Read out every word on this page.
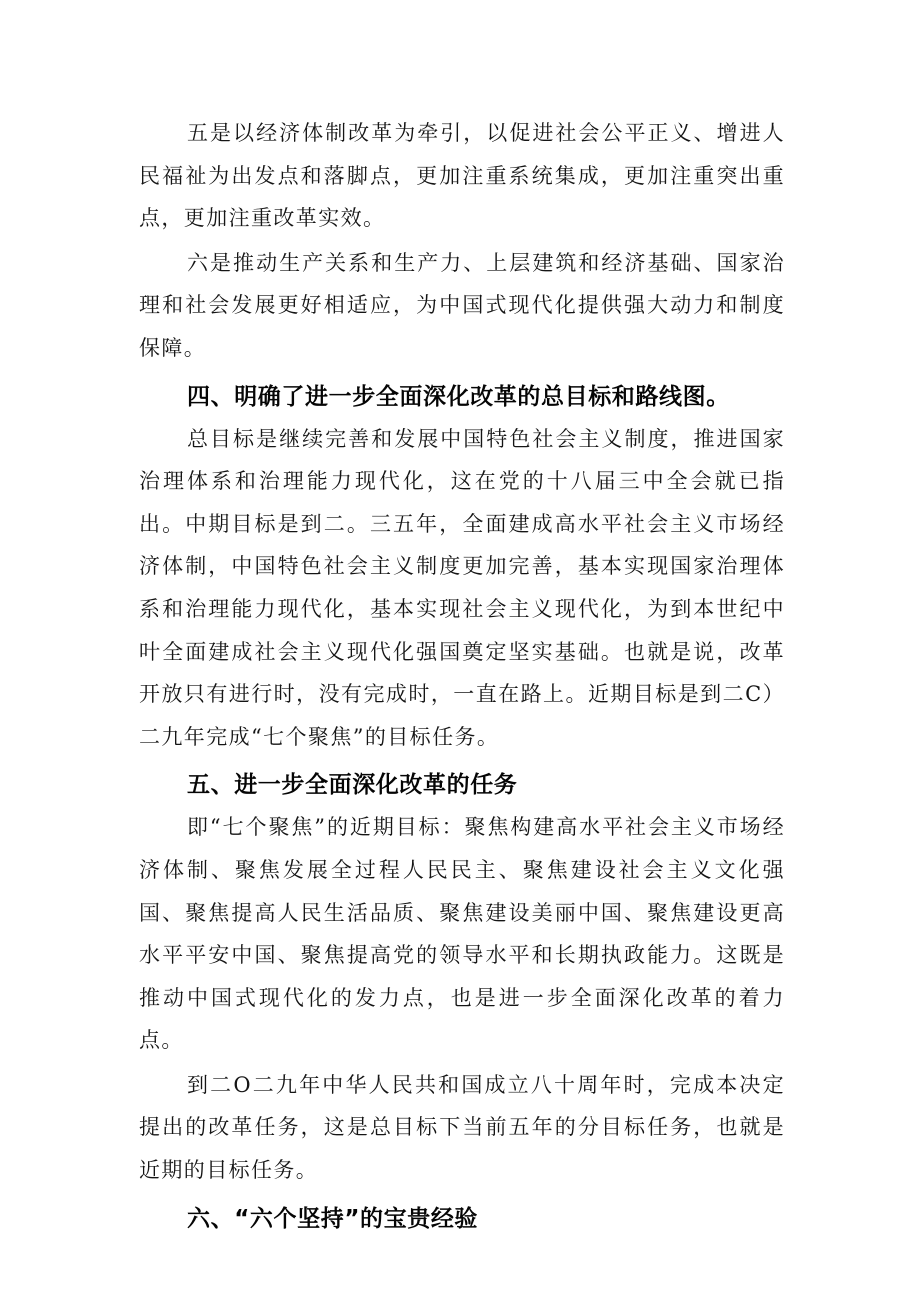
五是以经济体制改革为牵引，以促进社会公平正义、增进人民福祉为出发点和落脚点，更加注重系统集成，更加注重突出重点，更加注重改革实效。

六是推动生产关系和生产力、上层建筑和经济基础、国家治理和社会发展更好相适应，为中国式现代化提供强大动力和制度保障。

四、明确了进一步全面深化改革的总目标和路线图。

总目标是继续完善和发展中国特色社会主义制度，推进国家治理体系和治理能力现代化，这在党的十八届三中全会就已指出。中期目标是到二。三五年，全面建成高水平社会主义市场经济体制，中国特色社会主义制度更加完善，基本实现国家治理体系和治理能力现代化，基本实现社会主义现代化，为到本世纪中叶全面建成社会主义现代化强国奠定坚实基础。也就是说，改革开放只有进行时，没有完成时，一直在路上。近期目标是到二C）二九年完成“七个聚焦”的目标任务。

五、进一步全面深化改革的任务

即“七个聚焦”的近期目标：聚焦构建高水平社会主义市场经济体制、聚焦发展全过程人民民主、聚焦建设社会主义文化强国、聚焦提高人民生活品质、聚焦建设美丽中国、聚焦建设更高水平平安中国、聚焦提高党的领导水平和长期执政能力。这既是推动中国式现代化的发力点，也是进一步全面深化改革的着力点。

到二O二九年中华人民共和国成立八十周年时，完成本决定提出的改革任务，这是总目标下当前五年的分目标任务，也就是近期的目标任务。

六、“六个坚持”的宝贵经验
